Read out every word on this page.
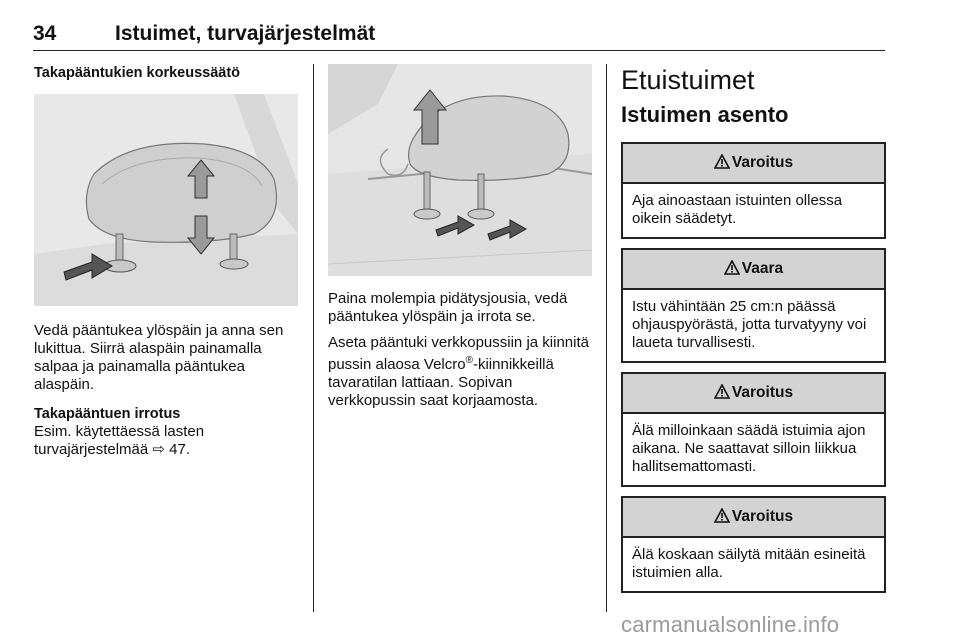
34	Istuimet, turvajärjestelmät

Takapääntukien korkeussäätö

Vedä pääntukea ylöspäin ja anna sen lukittua. Siirrä alaspäin painamalla salpaa ja painamalla pääntukea alaspäin.

Takapääntuen irrotus

Esim. käytettäessä lasten turvajärjestelmää ⇨ 47.

Paina molempia pidätysjousia, vedä pääntukea ylöspäin ja irrota se.

Aseta pääntuki verkkopussiin ja kiinnitä pussin alaosa Velcro®-kiinnikkeillä tavaratilan lattiaan. Sopivan verkkopussin saat korjaamosta.

Etuistuimet
Istuimen asento
Varoitus
Aja ainoastaan istuinten ollessa oikein säädetyt.
Vaara
Istu vähintään 25 cm:n päässä ohjauspyörästä, jotta turvatyyny voi laueta turvallisesti.
Varoitus
Älä milloinkaan säädä istuimia ajon aikana. Ne saattavat silloin liikkua hallitsemattomasti.
Varoitus
Älä koskaan säilytä mitään esineitä istuimien alla.
carmanualsonline.info
